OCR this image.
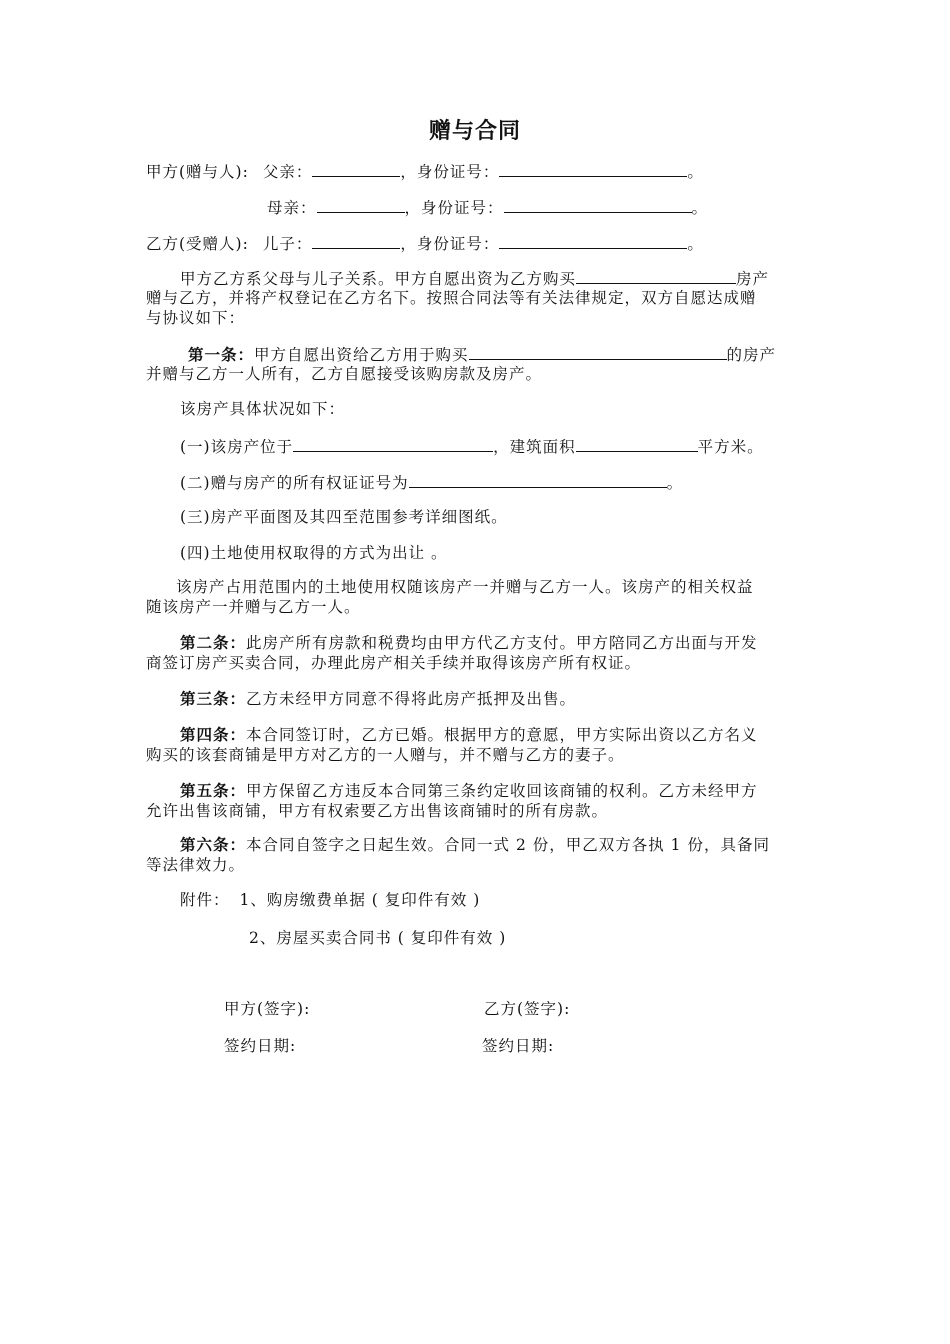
赠与合同
甲方(赠与人): 父亲：	，身份证号：	。
母亲：	，身份证号：	。
乙方(受赠人): 儿子：	，身份证号：	。
甲方乙方系父母与儿子关系。甲方自愿出资为乙方购买	房产
赠与乙方，并将产权登记在乙方名下。按照合同法等有关法律规定，双方自愿达成赠
与协议如下：
第一条：甲方自愿出资给乙方用于购买	的房产
并赠与乙方一人所有，乙方自愿接受该购房款及房产。
该房产具体状况如下：
(一)该房产位于	，建筑面积	平方米。
(二)赠与房产的所有权证证号为	。
(三)房产平面图及其四至范围参考详细图纸。
(四)土地使用权取得的方式为出让 。
该房产占用范围内的土地使用权随该房产一并赠与乙方一人。该房产的相关权益
随该房产一并赠与乙方一人。
第二条：此房产所有房款和税费均由甲方代乙方支付。甲方陪同乙方出面与开发
商签订房产买卖合同，办理此房产相关手续并取得该房产所有权证。
第三条：乙方未经甲方同意不得将此房产抵押及出售。
第四条：本合同签订时，乙方已婚。根据甲方的意愿，甲方实际出资以乙方名义
购买的该套商铺是甲方对乙方的一人赠与，并不赠与乙方的妻子。
第五条：甲方保留乙方违反本合同第三条约定收回该商铺的权利。乙方未经甲方
允许出售该商铺，甲方有权索要乙方出售该商铺时的所有房款。
第六条：本合同自签字之日起生效。合同一式 2 份，甲乙双方各执 1 份，具备同
等法律效力。
附件： 1、购房缴费单据 ( 复印件有效 )
2、房屋买卖合同书 ( 复印件有效 )
甲方(签字):	乙方(签字):
签约日期:	签约日期:
